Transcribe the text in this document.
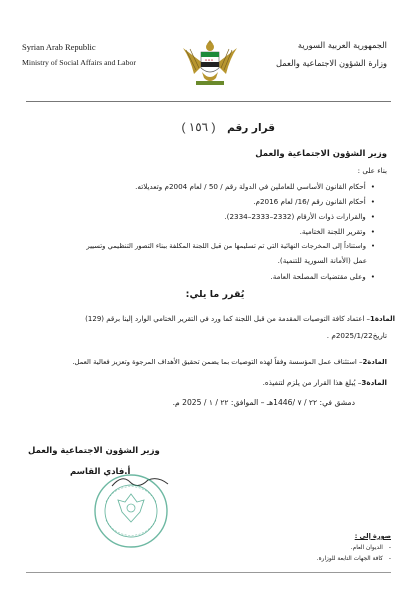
Syrian Arab Republic
Ministry of Social Affairs and Labor
الجمهورية العربية السورية
وزارة الشؤون الاجتماعية والعمل
قرار رقم ( ١٥٦ )
وزير الشؤون الاجتماعية والعمل
بناء على :
• أحكام القانون الأساسي للعاملين في الدولة رقم / 50 / لعام 2004م وتعديلاته.
• أحكام القانون رقم /16/ لعام 2016م.
• والقرارات ذوات الأرقام (2332–2333–2334).
• وتقرير اللجنة الختامية.
• واستناداً إلى المخرجات النهائية التي تم تسليمها من قبل اللجنة المكلفة ببناء التصور التنظيمي وتسيير
عمل (الأمانة السورية للتنمية).
• وعلى مقتضيات المصلحة العامة.
يُقرر ما يلي:
المادة1– اعتماد كافة التوصيات المقدمة من قبل اللجنة كما ورد في التقرير الختامي الوارد إلينا برقم (129)
تاريخ2025/1/22م .
المادة2– استئناف عمل المؤسسة وفقاً لهذه التوصيات بما يضمن تحقيق الأهداف المرجوة وتعزيز فعالية العمل.
المادة3– يُبلغ هذا القرار من يلزم لتنفيذه.
دمشق في: ٢٢ / ٧ /1446هـ – الموافق: ٢٢ / ١ / 2025 م.
وزير الشؤون الاجتماعية والعمل
أ.فادي القاسم
صورة إلى :
-الديوان العام.
-كافة الجهات التابعة للوزارة.
